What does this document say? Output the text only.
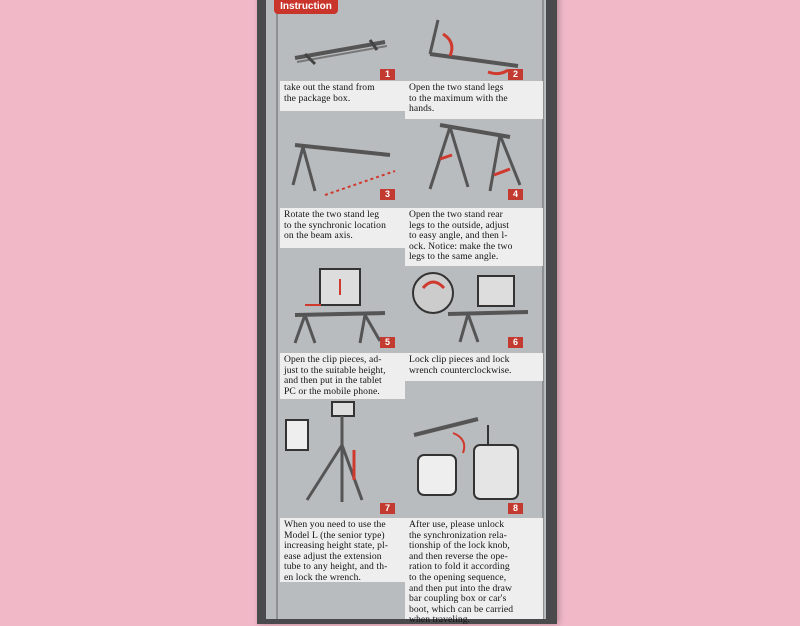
Instruction
1
take out the stand from
the package box.
2
Open the two stand legs
to the maximum with the
hands.
3
Rotate the two stand leg
to the synchronic location
on the beam axis.
4
Open the two stand rear
legs to the outside, adjust
to easy angle, and then l-
ock. Notice: make the two
legs to the same angle.
5
Open the clip pieces, ad-
just to the suitable height,
and then put in the tablet
PC or the mobile phone.
6
Lock clip pieces and lock
wrench counterclockwise.
7
When you need to use the
Model L (the senior type)
increasing height state, pl-
ease adjust the extension
tube to any height, and th-
en lock the wrench.
8
After use, please unlock
the synchronization rela-
tionship of the lock knob,
and then reverse the ope-
ration to fold it according
to the opening sequence,
and then put into the draw
bar coupling box or car's
boot, which can be carried
when traveling.
